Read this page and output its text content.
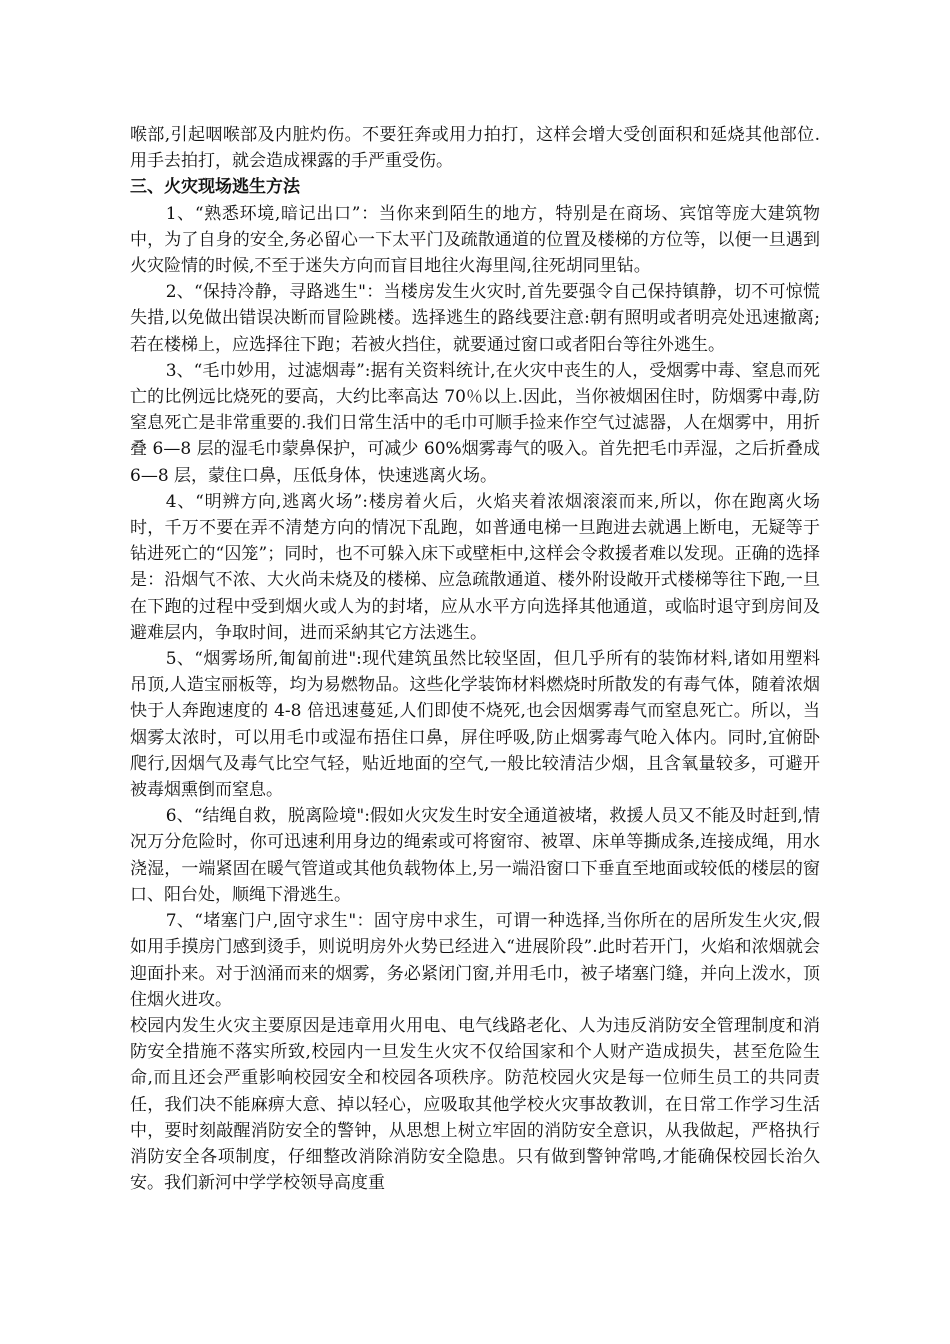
喉部,引起咽喉部及内脏灼伤。不要狂奔或用力拍打，这样会增大受创面积和延烧其他部位.用手去拍打，就会造成裸露的手严重受伤。

三、火灾现场逃生方法

1、“熟悉环境,暗记出口”：当你来到陌生的地方，特别是在商场、宾馆等庞大建筑物中，为了自身的安全,务必留心一下太平门及疏散通道的位置及楼梯的方位等，以便一旦遇到火灾险情的时候,不至于迷失方向而盲目地往火海里闯,往死胡同里钻。

2、“保持冷静，寻路逃生"：当楼房发生火灾时,首先要强令自己保持镇静，切不可惊慌失措,以免做出错误决断而冒险跳楼。选择逃生的路线要注意:朝有照明或者明亮处迅速撤离;若在楼梯上，应选择往下跑；若被火挡住，就要通过窗口或者阳台等往外逃生。

3、“毛巾妙用，过滤烟毒”:据有关资料统计,在火灾中丧生的人，受烟雾中毒、窒息而死亡的比例远比烧死的要高，大约比率高达 70％以上.因此，当你被烟困住时，防烟雾中毒,防窒息死亡是非常重要的.我们日常生活中的毛巾可顺手捡来作空气过滤器，人在烟雾中，用折叠 6—8 层的湿毛巾蒙鼻保护，可减少 60%烟雾毒气的吸入。首先把毛巾弄湿，之后折叠成 6—8 层，蒙住口鼻，压低身体，快速逃离火场。

4、“明辨方向,逃离火场”:楼房着火后，火焰夹着浓烟滚滚而来,所以，你在跑离火场时，千万不要在弄不清楚方向的情况下乱跑，如普通电梯一旦跑进去就遇上断电，无疑等于钻进死亡的“囚笼”；同时，也不可躲入床下或壁柜中,这样会令救援者难以发现。正确的选择是：沿烟气不浓、大火尚未烧及的楼梯、应急疏散通道、楼外附设敞开式楼梯等往下跑,一旦在下跑的过程中受到烟火或人为的封堵，应从水平方向选择其他通道，或临时退守到房间及避难层内，争取时间，进而采納其它方法逃生。

5、“烟雾场所,匍匐前进":现代建筑虽然比较坚固，但几乎所有的装饰材料,诸如用塑料吊顶,人造宝丽板等，均为易燃物品。这些化学装饰材料燃烧时所散发的有毒气体，随着浓烟快于人奔跑速度的 4-8 倍迅速蔓延,人们即使不烧死,也会因烟雾毒气而窒息死亡。所以，当烟雾太浓时，可以用毛巾或湿布捂住口鼻，屏住呼吸,防止烟雾毒气呛入体内。同时,宜俯卧爬行,因烟气及毒气比空气轻，贴近地面的空气,一般比较清洁少烟，且含氧量较多，可避开被毒烟熏倒而窒息。

6、“结绳自救，脱离险境":假如火灾发生时安全通道被堵，救援人员又不能及时赶到,情况万分危险时，你可迅速利用身边的绳索或可将窗帘、被罩、床单等撕成条,连接成绳，用水浇湿，一端紧固在暖气管道或其他负载物体上,另一端沿窗口下垂直至地面或较低的楼层的窗口、阳台处，顺绳下滑逃生。

7、“堵塞门户,固守求生"：固守房中求生，可谓一种选择,当你所在的居所发生火灾,假如用手摸房门感到烫手，则说明房外火势已经进入“进展阶段”.此时若开门，火焰和浓烟就会迎面扑来。对于汹涌而来的烟雾，务必紧闭门窗,并用毛巾，被子堵塞门缝，并向上泼水，顶住烟火进攻。

校园内发生火灾主要原因是违章用火用电、电气线路老化、人为违反消防安全管理制度和消防安全措施不落实所致,校园内一旦发生火灾不仅给国家和个人财产造成损失，甚至危险生命,而且还会严重影响校园安全和校园各项秩序。防范校园火灾是每一位师生员工的共同责任，我们决不能麻痹大意、掉以轻心，应吸取其他学校火灾事故教训，在日常工作学习生活中，要时刻敲醒消防安全的警钟，从思想上树立牢固的消防安全意识，从我做起，严格执行消防安全各项制度，仔细整改消除消防安全隐患。只有做到警钟常鸣,才能确保校园长治久安。我们新河中学学校领导高度重
